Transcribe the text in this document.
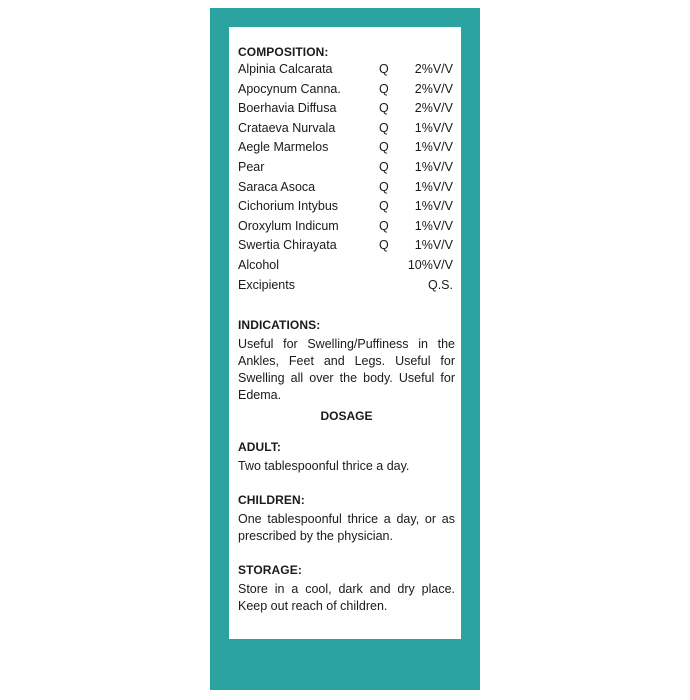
COMPOSITION:
Alpinia Calcarata	Q	2%V/V
Apocynum Canna.	Q	2%V/V
Boerhavia Diffusa	Q	2%V/V
Crataeva Nurvala	Q	1%V/V
Aegle Marmelos	Q	1%V/V
Pear	Q	1%V/V
Saraca Asoca	Q	1%V/V
Cichorium Intybus	Q	1%V/V
Oroxylum Indicum	Q	1%V/V
Swertia Chirayata	Q	1%V/V
Alcohol	10%V/V
Excipients	Q.S.
INDICATIONS:
Useful for Swelling/Puffiness in the Ankles, Feet and Legs. Useful for Swelling all over the body. Useful for Edema.
DOSAGE
ADULT:
Two tablespoonful thrice a day.
CHILDREN:
One tablespoonful thrice a day, or as prescribed by the physician.
STORAGE:
Store in a cool, dark and dry place. Keep out reach of children.
